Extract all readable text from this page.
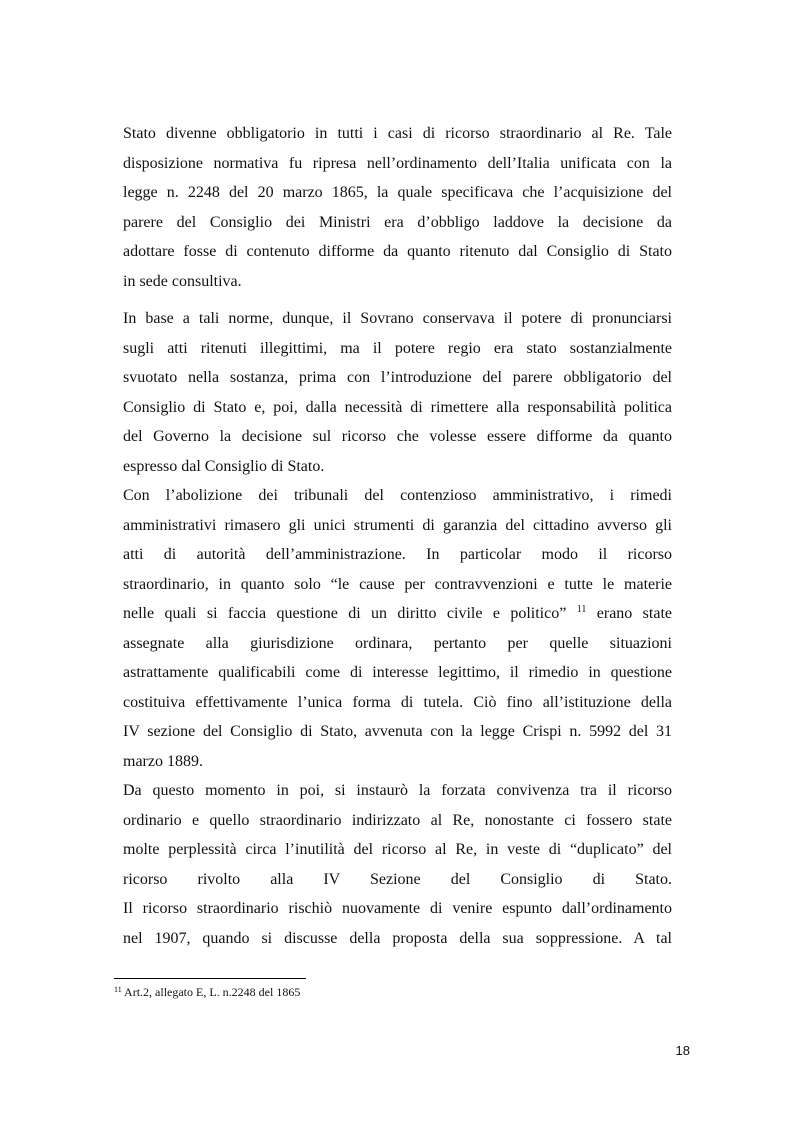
Stato divenne obbligatorio in tutti i casi di ricorso straordinario al Re. Tale
disposizione normativa fu ripresa nell’ordinamento dell’Italia unificata con la
legge n. 2248 del 20 marzo 1865, la quale specificava che l’acquisizione del
parere del Consiglio dei Ministri era d’obbligo laddove la decisione da
adottare fosse di contenuto difforme da quanto ritenuto dal Consiglio di Stato
in sede consultiva.
In base a tali norme, dunque, il Sovrano conservava il potere di pronunciarsi
sugli atti ritenuti illegittimi, ma il potere regio era stato sostanzialmente
svuotato nella sostanza, prima con l’introduzione del parere obbligatorio del
Consiglio di Stato e, poi, dalla necessità di rimettere alla responsabilità politica
del Governo la decisione sul ricorso che volesse essere difforme da quanto
espresso dal Consiglio di Stato.
Con l’abolizione dei tribunali del contenzioso amministrativo, i rimedi
amministrativi rimasero gli unici strumenti di garanzia del cittadino avverso gli
atti di autorità dell’amministrazione. In particolar modo il ricorso
straordinario, in quanto solo “le cause per contravvenzioni e tutte le materie
nelle quali si faccia questione di un diritto civile e politico” $^{11}$ erano state
assegnate alla giurisdizione ordinara, pertanto per quelle situazioni
astrattamente qualificabili come di interesse legittimo, il rimedio in questione
costituiva effettivamente l’unica forma di tutela. Ciò fino all’istituzione della
IV sezione del Consiglio di Stato, avvenuta con la legge Crispi n. 5992 del 31
marzo 1889.
Da questo momento in poi, si instaurò la forzata convivenza tra il ricorso
ordinario e quello straordinario indirizzato al Re, nonostante ci fossero state
molte perplessità circa l’inutilità del ricorso al Re, in veste di “duplicato” del
ricorso rivolto alla IV Sezione del Consiglio di Stato.
Il ricorso straordinario rischiò nuovamente di venire espunto dall’ordinamento
nel 1907, quando si discusse della proposta della sua soppressione. A tal
$^{11}$ Art.2, allegato E, L. n.2248 del 1865
18
